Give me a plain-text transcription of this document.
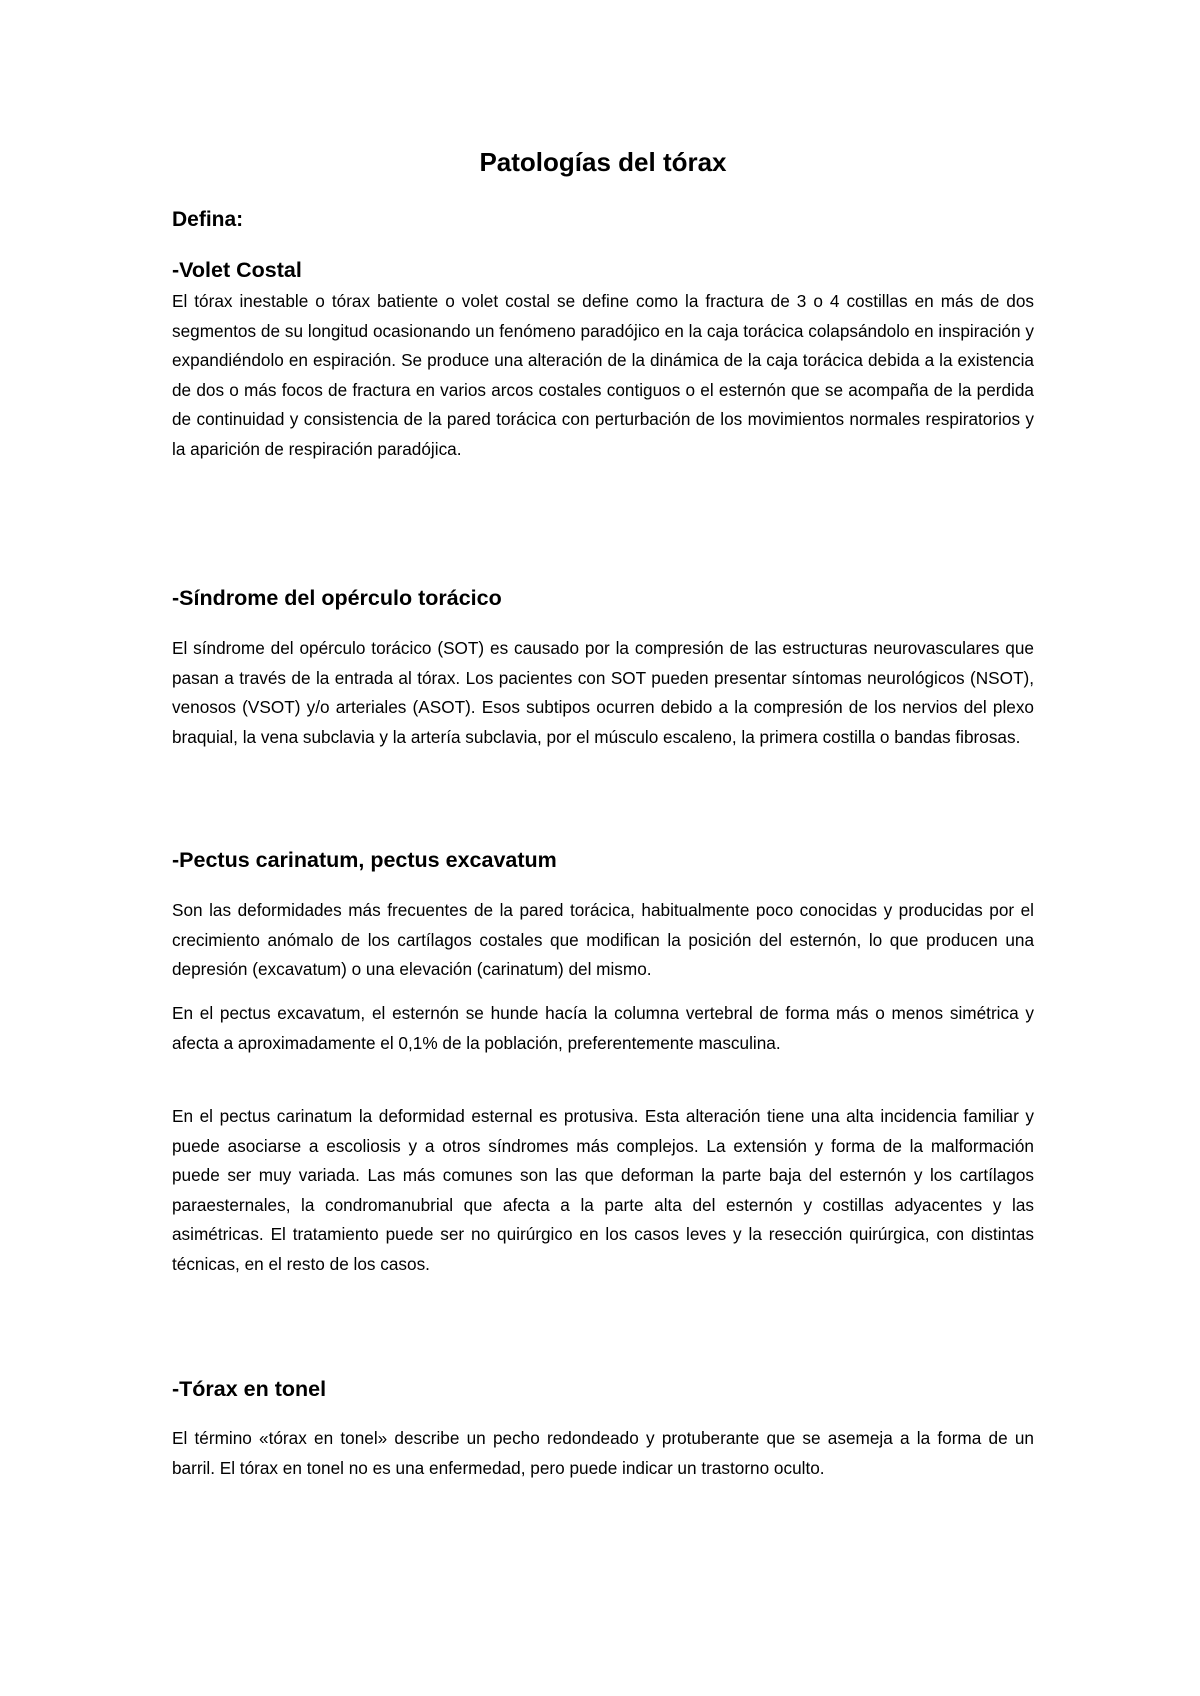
Patologías del tórax

Defina:

-Volet Costal

El tórax inestable o tórax batiente o volet costal se define como la fractura de 3 o 4 costillas en más de dos segmentos de su longitud ocasionando un fenómeno paradójico en la caja torácica colapsándolo en inspiración y expandiéndolo en espiración. Se produce una alteración de la dinámica de la caja torácica debida a la existencia de dos o más focos de fractura en varios arcos costales contiguos o el esternón que se acompaña de la perdida de continuidad y consistencia de la pared torácica con perturbación de los movimientos normales respiratorios y la aparición de respiración paradójica.

-Síndrome del opérculo torácico

El síndrome del opérculo torácico (SOT) es causado por la compresión de las estructuras neurovasculares que pasan a través de la entrada al tórax. Los pacientes con SOT pueden presentar síntomas neurológicos (NSOT), venosos (VSOT) y/o arteriales (ASOT). Esos subtipos ocurren debido a la compresión de los nervios del plexo braquial, la vena subclavia y la artería subclavia, por el músculo escaleno, la primera costilla o bandas fibrosas.

-Pectus carinatum, pectus excavatum

Son las deformidades más frecuentes de la pared torácica, habitualmente poco conocidas y producidas por el crecimiento anómalo de los cartílagos costales que modifican la posición del esternón, lo que producen una depresión (excavatum) o una elevación (carinatum) del mismo.

En el pectus excavatum, el esternón se hunde hacía la columna vertebral de forma más o menos simétrica y afecta a aproximadamente el 0,1% de la población, preferentemente masculina.

En el pectus carinatum la deformidad esternal es protusiva. Esta alteración tiene una alta incidencia familiar y puede asociarse a escoliosis y a otros síndromes más complejos. La extensión y forma de la malformación puede ser muy variada. Las más comunes son las que deforman la parte baja del esternón y los cartílagos paraesternales, la condromanubrial que afecta a la parte alta del esternón y costillas adyacentes y las asimétricas. El tratamiento puede ser no quirúrgico en los casos leves y la resección quirúrgica, con distintas técnicas, en el resto de los casos.

-Tórax en tonel

El término «tórax en tonel» describe un pecho redondeado y protuberante que se asemeja a la forma de un barril. El tórax en tonel no es una enfermedad, pero puede indicar un trastorno oculto.
